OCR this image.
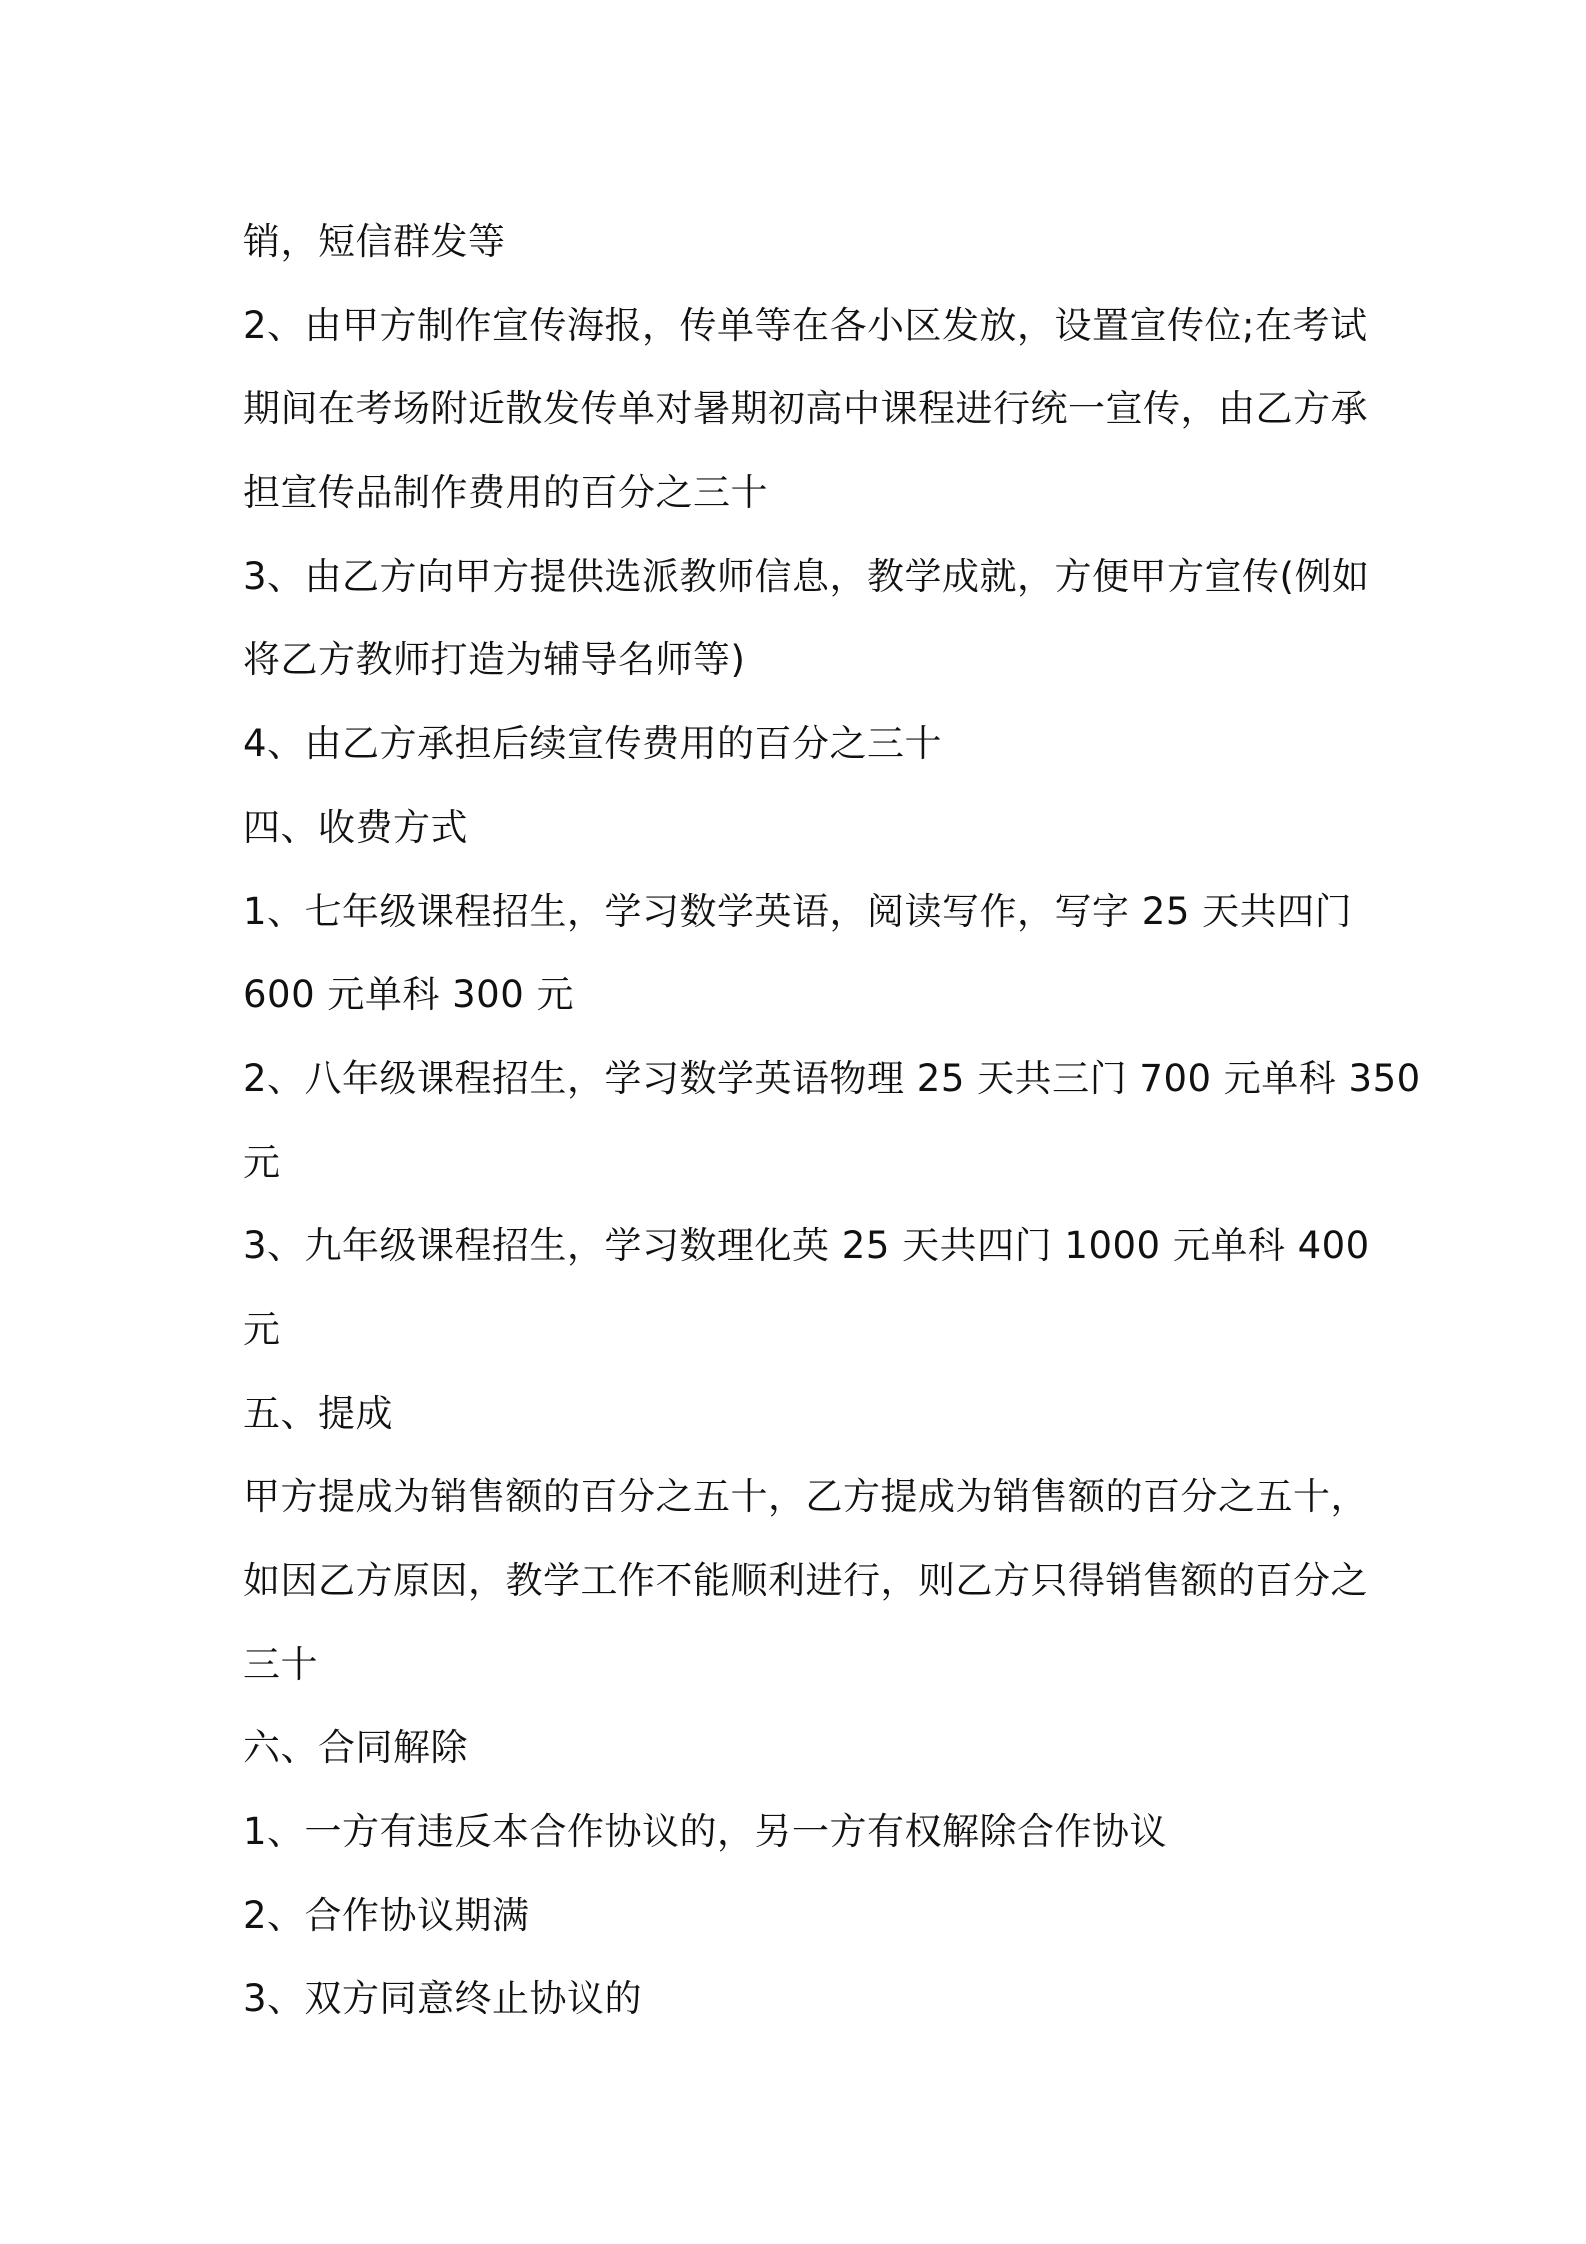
销，短信群发等
2、由甲方制作宣传海报，传单等在各小区发放，设置宣传位;在考试
期间在考场附近散发传单对暑期初高中课程进行统一宣传，由乙方承
担宣传品制作费用的百分之三十
3、由乙方向甲方提供选派教师信息，教学成就，方便甲方宣传(例如
将乙方教师打造为辅导名师等)
4、由乙方承担后续宣传费用的百分之三十
四、收费方式
1、七年级课程招生，学习数学英语，阅读写作，写字 25 天共四门
600 元单科 300 元
2、八年级课程招生，学习数学英语物理 25 天共三门 700 元单科 350
元
3、九年级课程招生，学习数理化英 25 天共四门 1000 元单科 400
元
五、提成
甲方提成为销售额的百分之五十，乙方提成为销售额的百分之五十，
如因乙方原因，教学工作不能顺利进行，则乙方只得销售额的百分之
三十
六、合同解除
1、一方有违反本合作协议的，另一方有权解除合作协议
2、合作协议期满
3、双方同意终止协议的
